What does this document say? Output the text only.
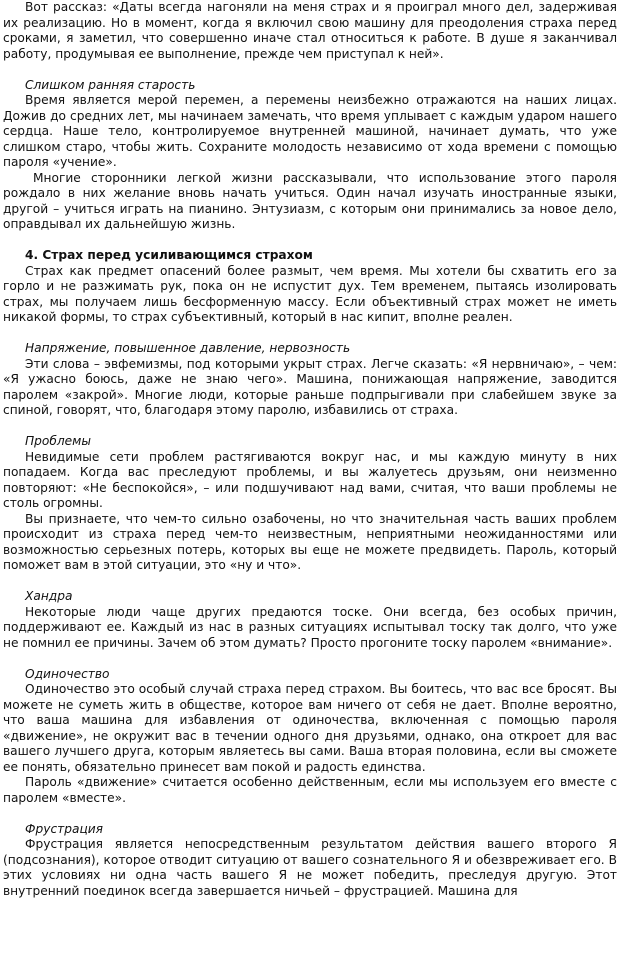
Вот рассказ: «Даты всегда нагоняли на меня страх и я проиграл много дел, задерживая их реализацию. Но в момент, когда я включил свою машину для преодоления страха перед сроками, я заметил, что совершенно иначе стал относиться к работе. В душе я заканчивал работу, продумывая ее выполнение, прежде чем приступал к ней».

Слишком ранняя старость

Время является мерой перемен, а перемены неизбежно отражаются на наших лицах. Дожив до средних лет, мы начинаем замечать, что время уплывает с каждым ударом нашего сердца. Наше тело, контролируемое внутренней машиной, начинает думать, что уже слишком старо, чтобы жить. Сохраните молодость независимо от хода времени с помощью пароля «учение».

Многие сторонники легкой жизни рассказывали, что использование этого пароля рождало в них желание вновь начать учиться. Один начал изучать иностранные языки, другой – учиться играть на пианино. Энтузиазм, с которым они принимались за новое дело, оправдывал их дальнейшую жизнь.

4. Страх перед усиливающимся страхом

Страх как предмет опасений более размыт, чем время. Мы хотели бы схватить его за горло и не разжимать рук, пока он не испустит дух. Тем временем, пытаясь изолировать страх, мы получаем лишь бесформенную массу. Если объективный страх может не иметь никакой формы, то страх субъективный, который в нас кипит, вполне реален.

Напряжение, повышенное давление, нервозность

Эти слова – эвфемизмы, под которыми укрыт страх. Легче сказать: «Я нервничаю», – чем: «Я ужасно боюсь, даже не знаю чего». Машина, понижающая напряжение, заводится паролем «закрой». Многие люди, которые раньше подпрыгивали при слабейшем звуке за спиной, говорят, что, благодаря этому паролю, избавились от страха.

Проблемы

Невидимые сети проблем растягиваются вокруг нас, и мы каждую минуту в них попадаем. Когда вас преследуют проблемы, и вы жалуетесь друзьям, они неизменно повторяют: «Не беспокойся», – или подшучивают над вами, считая, что ваши проблемы не столь огромны.

Вы признаете, что чем-то сильно озабочены, но что значительная часть ваших проблем происходит из страха перед чем-то неизвестным, неприятными неожиданностями или возможностью серьезных потерь, которых вы еще не можете предвидеть. Пароль, который поможет вам в этой ситуации, это «ну и что».

Хандра

Некоторые люди чаще других предаются тоске. Они всегда, без особых причин, поддерживают ее. Каждый из нас в разных ситуациях испытывал тоску так долго, что уже не помнил ее причины. Зачем об этом думать? Просто прогоните тоску паролем «внимание».

Одиночество

Одиночество это особый случай страха перед страхом. Вы боитесь, что вас все бросят. Вы можете не суметь жить в обществе, которое вам ничего от себя не дает. Вполне вероятно, что ваша машина для избавления от одиночества, включенная с помощью пароля «движение», не окружит вас в течении одного дня друзьями, однако, она откроет для вас вашего лучшего друга, которым являетесь вы сами. Ваша вторая половина, если вы сможете ее понять, обязательно принесет вам покой и радость единства.

Пароль «движение» считается особенно действенным, если мы используем его вместе с паролем «вместе».

Фрустрация

Фрустрация является непосредственным результатом действия вашего второго Я (подсознания), которое отводит ситуацию от вашего сознательного Я и обезвреживает его. В этих условиях ни одна часть вашего Я не может победить, преследуя другую. Этот внутренний поединок всегда завершается ничьей – фрустрацией. Машина для
